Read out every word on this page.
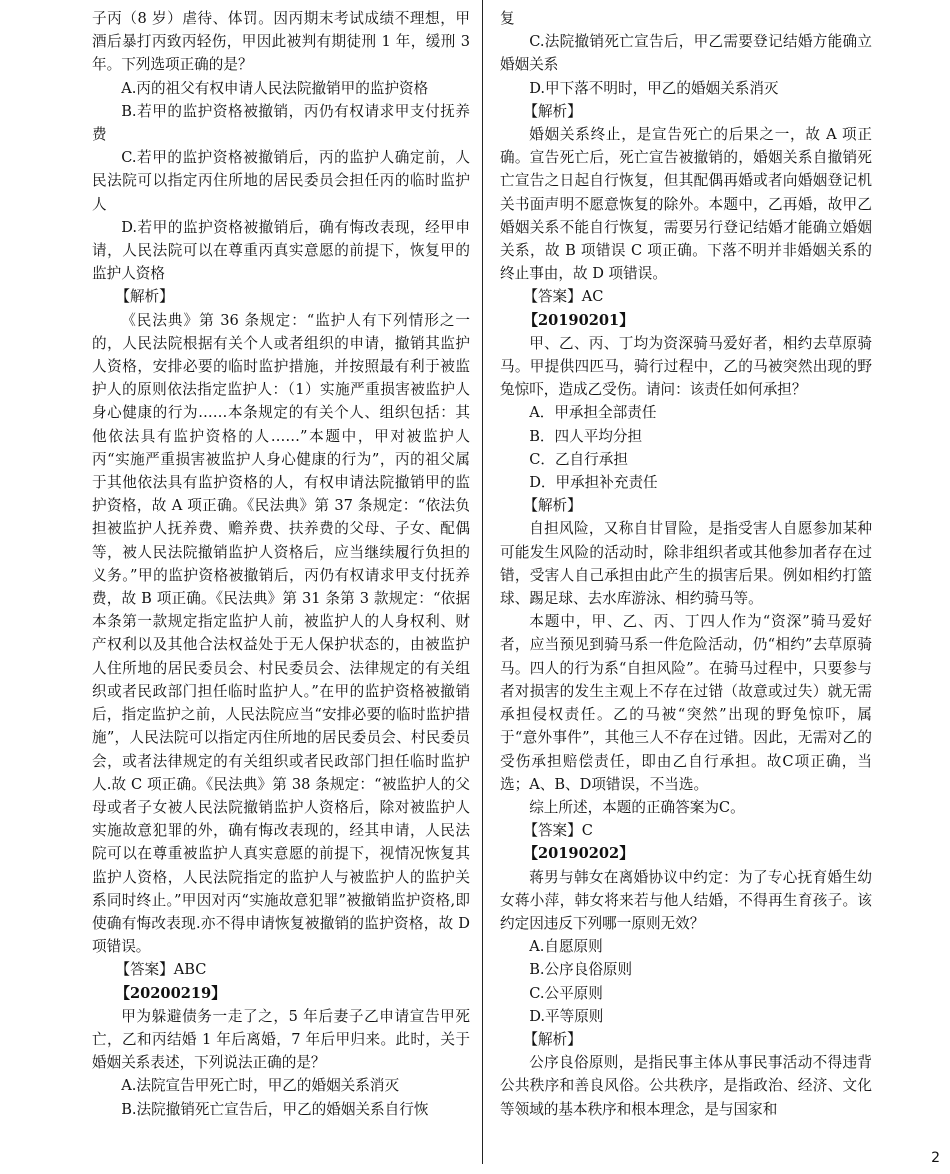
子丙（8 岁）虐待、体罚。因丙期末考试成绩不理想，甲酒后暴打丙致丙轻伤，甲因此被判有期徒刑 1 年，缓刑 3 年。下列选项正确的是？

A.丙的祖父有权申请人民法院撤销甲的监护资格

B.若甲的监护资格被撤销，丙仍有权请求甲支付抚养费

C.若甲的监护资格被撤销后，丙的监护人确定前，人民法院可以指定丙住所地的居民委员会担任丙的临时监护人

D.若甲的监护资格被撤销后，确有悔改表现，经甲申请，人民法院可以在尊重丙真实意愿的前提下，恢复甲的监护人资格

【解析】

《民法典》第 36 条规定：“监护人有下列情形之一的，人民法院根据有关个人或者组织的申请，撤销其监护人资格，安排必要的临时监护措施，并按照最有利于被监护人的原则依法指定监护人：（1）实施严重损害被监护人身心健康的行为……本条规定的有关个人、组织包括：其他依法具有监护资格的人……”本题中，甲对被监护人丙“实施严重损害被监护人身心健康的行为”，丙的祖父属于其他依法具有监护资格的人，有权申请法院撤销甲的监护资格，故 A 项正确。《民法典》第 37 条规定：“依法负担被监护人抚养费、赡养费、扶养费的父母、子女、配偶等，被人民法院撤销监护人资格后，应当继续履行负担的义务。”甲的监护资格被撤销后，丙仍有权请求甲支付抚养费，故 B 项正确。《民法典》第 31 条第 3 款规定：“依据本条第一款规定指定监护人前，被监护人的人身权利、财产权利以及其他合法权益处于无人保护状态的，由被监护人住所地的居民委员会、村民委员会、法律规定的有关组织或者民政部门担任临时监护人。”在甲的监护资格被撤销后，指定监护之前，人民法院应当“安排必要的临时监护措施”，人民法院可以指定丙住所地的居民委员会、村民委员会，或者法律规定的有关组织或者民政部门担任临时监护人.故 C 项正确。《民法典》第 38 条规定：“被监护人的父母或者子女被人民法院撤销监护人资格后，除对被监护人实施故意犯罪的外，确有悔改表现的，经其申请，人民法院可以在尊重被监护人真实意愿的前提下，视情况恢复其监护人资格，人民法院指定的监护人与被监护人的监护关系同时终止。”甲因对丙“实施故意犯罪”被撤销监护资格,即使确有悔改表现.亦不得申请恢复被撤销的监护资格，故 D 项错误。

【答案】ABC

【20200219】

甲为躲避债务一走了之，5 年后妻子乙申请宣告甲死亡，乙和丙结婚 1 年后离婚，7 年后甲归来。此时，关于婚姻关系表述，下列说法正确的是？

A.法院宣告甲死亡时，甲乙的婚姻关系消灭

B.法院撤销死亡宣告后，甲乙的婚姻关系自行恢

复

C.法院撤销死亡宣告后，甲乙需要登记结婚方能确立婚姻关系

D.甲下落不明时，甲乙的婚姻关系消灭

【解析】

婚姻关系终止，是宣告死亡的后果之一，故 A 项正确。宣告死亡后，死亡宣告被撤销的，婚姻关系自撤销死亡宣告之日起自行恢复，但其配偶再婚或者向婚姻登记机关书面声明不愿意恢复的除外。本题中，乙再婚，故甲乙婚姻关系不能自行恢复，需要另行登记结婚才能确立婚姻关系，故 B 项错误 C 项正确。下落不明并非婚姻关系的终止事由，故 D 项错误。

【答案】AC

【20190201】

甲、乙、丙、丁均为资深骑马爱好者，相约去草原骑马。甲提供四匹马，骑行过程中，乙的马被突然出现的野兔惊吓，造成乙受伤。请问：该责任如何承担？

A．甲承担全部责任

B．四人平均分担

C．乙自行承担

D．甲承担补充责任

【解析】

自担风险，又称自甘冒险，是指受害人自愿参加某种可能发生风险的活动时，除非组织者或其他参加者存在过错，受害人自己承担由此产生的损害后果。例如相约打篮球、踢足球、去水库游泳、相约骑马等。

本题中，甲、乙、丙、丁四人作为“资深”骑马爱好者，应当预见到骑马系一件危险活动，仍“相约”去草原骑马。四人的行为系“自担风险”。在骑马过程中，只要参与者对损害的发生主观上不存在过错（故意或过失）就无需承担侵权责任。乙的马被“突然”出现的野兔惊吓，属于“意外事件”，其他三人不存在过错。因此，无需对乙的受伤承担赔偿责任，即由乙自行承担。故C项正确，当选；A、B、D项错误，不当选。

综上所述，本题的正确答案为C。

【答案】C

【20190202】

蒋男与韩女在离婚协议中约定：为了专心抚育婚生幼女蒋小萍，韩女将来若与他人结婚，不得再生育孩子。该约定因违反下列哪一原则无效？

A.自愿原则

B.公序良俗原则

C.公平原则

D.平等原则

【解析】

公序良俗原则，是指民事主体从事民事活动不得违背公共秩序和善良风俗。公共秩序，是指政治、经济、文化等领域的基本秩序和根本理念，是与国家和

2
